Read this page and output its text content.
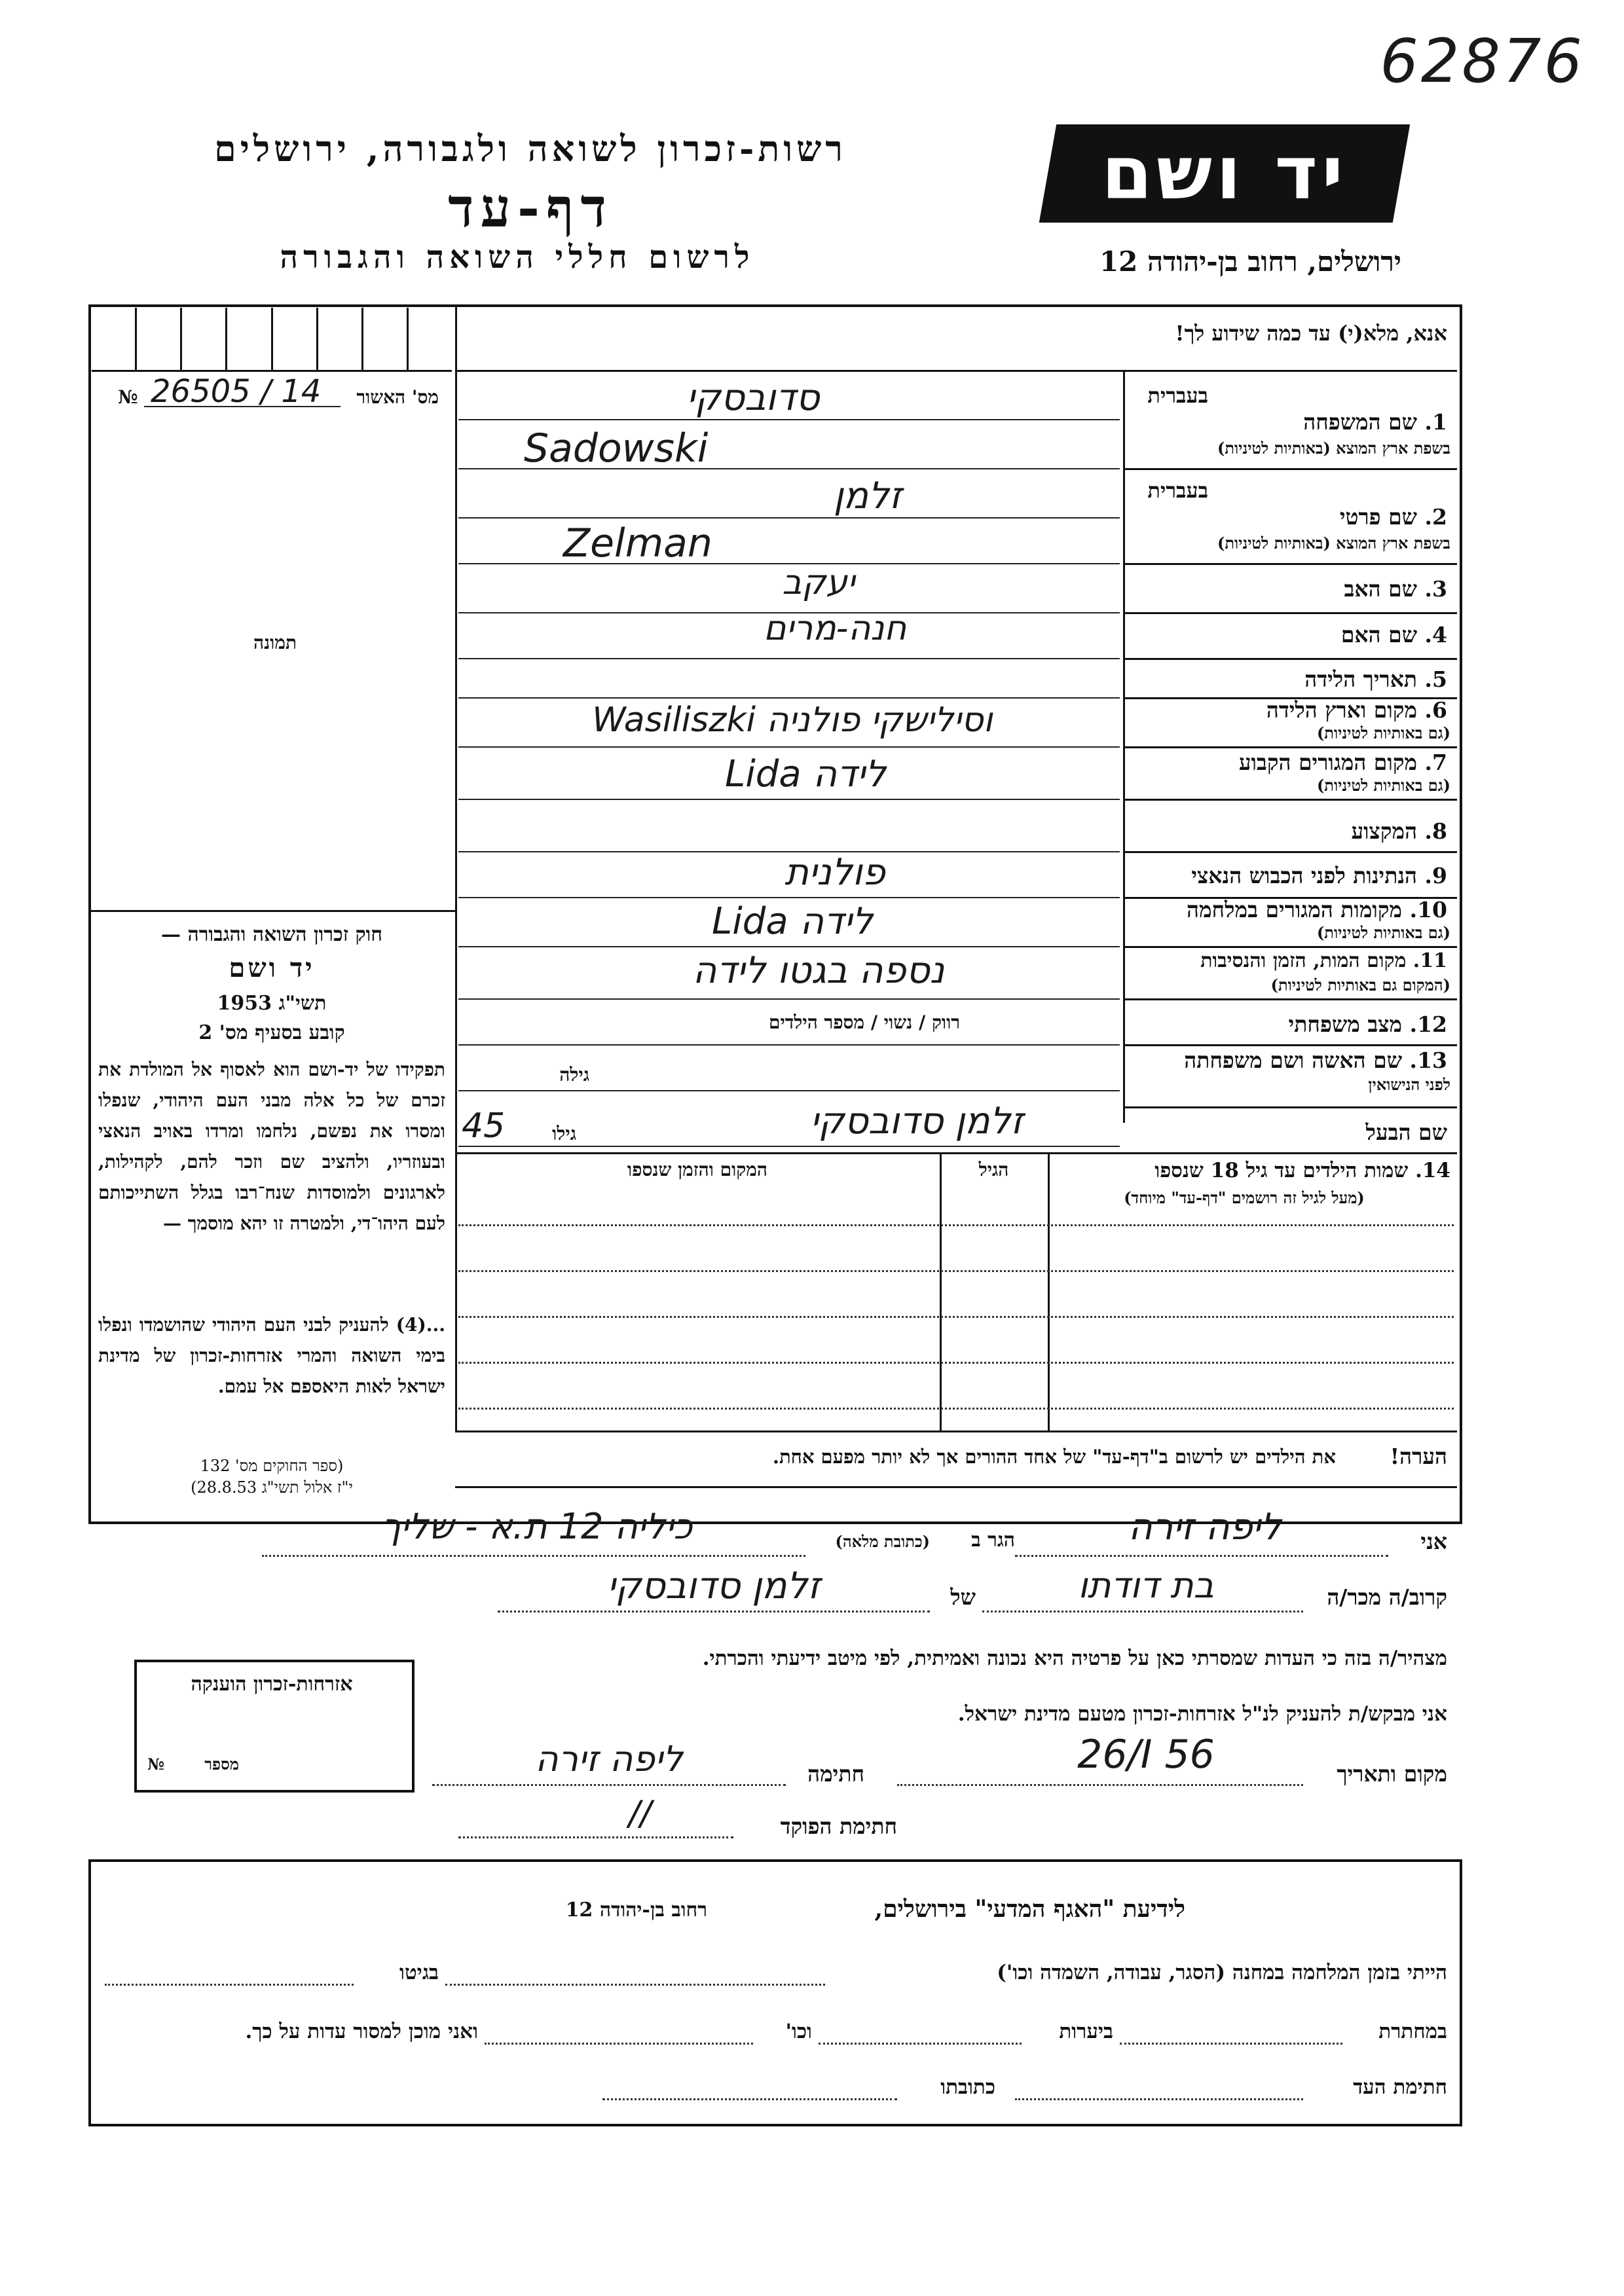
62876
רשות-זכרון לשואה ולגבורה, ירושלים
דף-עד
לרשום חללי השואה והגבורה
יד ושם
ירושלים, רחוב בן-יהודה 12
№ 26505 / 14	מס' האשור
תמונה
חוק זכרון השואה והגבורה —
יד ושם
תשי"ג 1953
קובע בסעיף מס' 2
תפקידו של יד-ושם הוא לאסוף אל המולדת את זכרם של כל אלה מבני העם היהודי, שנפלו ומסרו את נפשם, נלחמו ומרדו באויב הנאצי ובעוזריו, ולהציב שם וזכר להם, לקהילות, לארגונים ולמוסדות שנח־רבו בגלל השתייכותם לעם היהו־די, ולמטרה זו יהא מוסמך —
...(4) להעניק לבני העם היהודי שהושמדו ונפלו בימי השואה והמרי אזרחות-זכרון של מדינת ישראל לאות היאספם אל עמם.
(ספר החוקים מס' 132
י"ז אלול תשי"ג 28.8.53)
אנא, מלא(י) עד כמה שידוע לך!
בעברית
1. שם המשפחה
בשפת ארץ המוצא (באותיות לטיניות)
סדובסקי
Sadowski
בעברית
2. שם פרטי
בשפת ארץ המוצא (באותיות לטיניות)
זלמן
Zelman
3. שם האב
יעקב
4. שם האם
חנה-מרים
5. תאריך הלידה
6. מקום וארץ הלידה
(גם באותיות לטיניות)
וסילישקי פולניה Wasiliszki
7. מקום המגורים הקבוע
(גם באותיות לטיניות)
לידה Lida
8. המקצוע
9. הנתינות לפני הכבוש הנאצי
פולנית
10. מקומות המגורים במלחמה
(גם באותיות לטיניות)
לידה Lida
11. מקום המות, הזמן והנסיבות
(המקום גם באותיות לטיניות)
נספה בגטו לידה
12. מצב משפחתי
רווק / נשוי / מספר הילדים
13. שם האשה ושם משפחתה
לפני הנישואין
גילה
שם הבעל
גילו
45	זלמן סדובסקי
14. שמות הילדים עד גיל 18 שנספו
(מעל לגיל זה רושמים "דף-עד" מיוחד)
הגיל
המקום והזמן שנספו
הערה!
את הילדים יש לרשום ב"דף-עד" של אחד ההורים אך לא יותר מפעם אחת.
אני
ליפה זירה
הגר ב
(כתובת מלאה)
כיליה 12 ת.א - שליך
קרוב/ה מכר/ה
בת דודתו
של
זלמן סדובסקי
מצהיר/ה בזה כי העדות שמסרתי כאן על פרטיה היא נכונה ואמיתית, לפי מיטב ידיעתי והכרתי.
אני מבקש/ת להעניק לנ"ל אזרחות-זכרון מטעם מדינת ישראל.
מקום ותאריך
26/I 56
חתימה
ליפה זירה
חתימת הפוקד
//
אזרחות-זכרון הוענקה
מספר
№
לידיעת "האגף המדעי" בירושלים,
רחוב בן-יהודה 12
הייתי בזמן המלחמה במחנה (הסגר, עבודה, השמדה וכו')
בגיטו
במחתרת
ביערות
וכו'
ואני מוכן למסור עדות על כך.
חתימת העד
כתובתו
